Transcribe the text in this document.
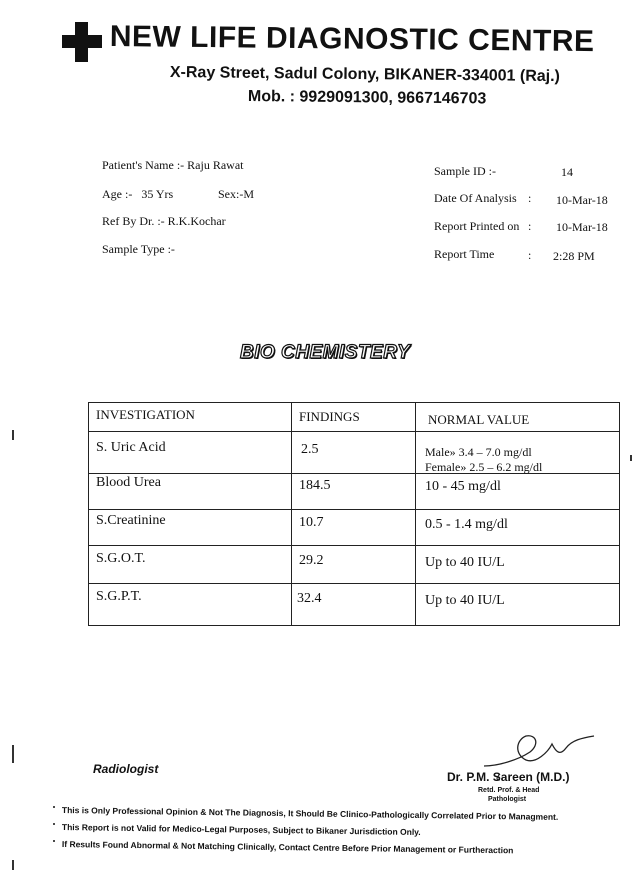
NEW LIFE DIAGNOSTIC CENTRE
X-Ray Street, Sadul Colony, BIKANER-334001 (Raj.)
Mob. : 9929091300, 9667146703
Patient's Name :- Raju Rawat
Age :- 35 Yrs	Sex:-M
Ref By Dr. :- R.K.Kochar
Sample Type :-
Sample ID :-	14
Date Of Analysis : 10-Mar-18
Report Printed on : 10-Mar-18
Report Time	: 2:28 PM
BIO CHEMISTERY
INVESTIGATION	FINDINGS	NORMAL VALUE
S. Uric Acid	2.5	Male» 3.4 – 7.0 mg/dl
Female» 2.5 – 6.2 mg/dl
Blood Urea	184.5	10 - 45 mg/dl
S.Creatinine	10.7	0.5 - 1.4 mg/dl
S.G.O.T.	29.2	Up to 40 IU/L
S.G.P.T.	32.4	Up to 40 IU/L
Radiologist
Dr. P.M. Sareen (M.D.)
Retd. Prof. & Head
Pathologist
This is Only Professional Opinion & Not The Diagnosis, It Should Be Clinico-Pathologically Correlated Prior to Managment.
This Report is not Valid for Medico-Legal Purposes, Subject to Bikaner Jurisdiction Only.
If Results Found Abnormal & Not Matching Clinically, Contact Centre Before Prior Management or Furtheraction
